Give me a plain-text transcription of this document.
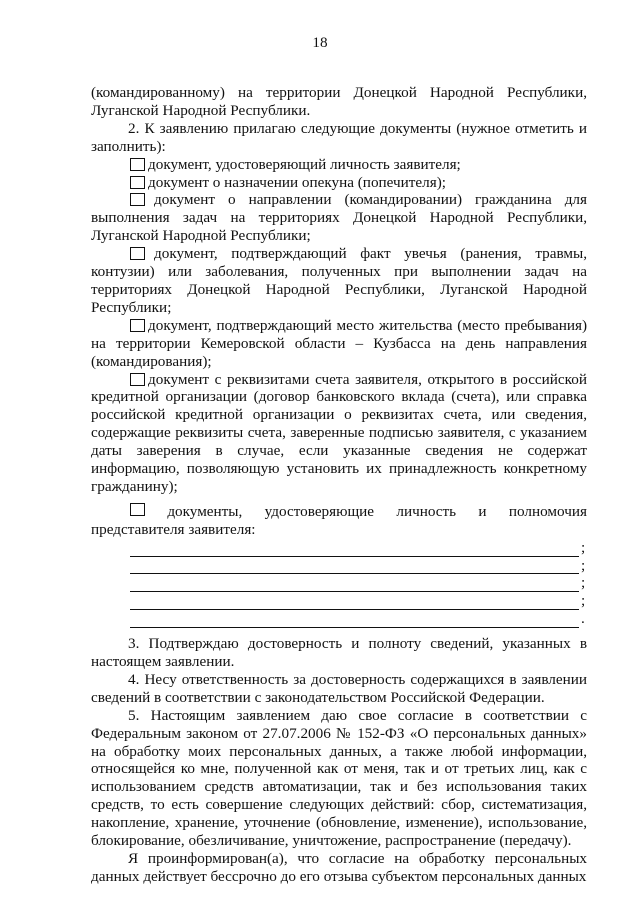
18

(командированному) на территории Донецкой Народной Республики, Луганской Народной Республики.

2. К заявлению прилагаю следующие документы (нужное отметить и заполнить):

документ, удостоверяющий личность заявителя;
документ о назначении опекуна (попечителя);
документ о направлении (командировании) гражданина для выполнения задач на территориях Донецкой Народной Республики, Луганской Народной Республики;
документ, подтверждающий факт увечья (ранения, травмы, контузии) или заболевания, полученных при выполнении задач на территориях Донецкой Народной Республики, Луганской Народной Республики;
документ, подтверждающий место жительства (место пребывания) на территории Кемеровской области – Кузбасса на день направления (командирования);
документ с реквизитами счета заявителя, открытого в российской кредитной организации (договор банковского вклада (счета), или справка российской кредитной организации о реквизитах счета, или сведения, содержащие реквизиты счета, заверенные подписью заявителя, с указанием даты заверения в случае, если указанные сведения не содержат информацию, позволяющую установить их принадлежность конкретному гражданину);
документы, удостоверяющие личность и полномочия
представителя заявителя:
;
;
;
;
.

3. Подтверждаю достоверность и полноту сведений, указанных в настоящем заявлении.

4. Несу ответственность за достоверность содержащихся в заявлении сведений в соответствии с законодательством Российской Федерации.

5. Настоящим заявлением даю свое согласие в соответствии с Федеральным законом от 27.07.2006 № 152-ФЗ «О персональных данных» на обработку моих персональных данных, а также любой информации, относящейся ко мне, полученной как от меня, так и от третьих лиц, как с использованием средств автоматизации, так и без использования таких средств, то есть совершение следующих действий: сбор, систематизация, накопление, хранение, уточнение (обновление, изменение), использование, блокирование, обезличивание, уничтожение, распространение (передачу).

Я проинформирован(а), что согласие на обработку персональных данных действует бессрочно до его отзыва субъектом персональных данных
